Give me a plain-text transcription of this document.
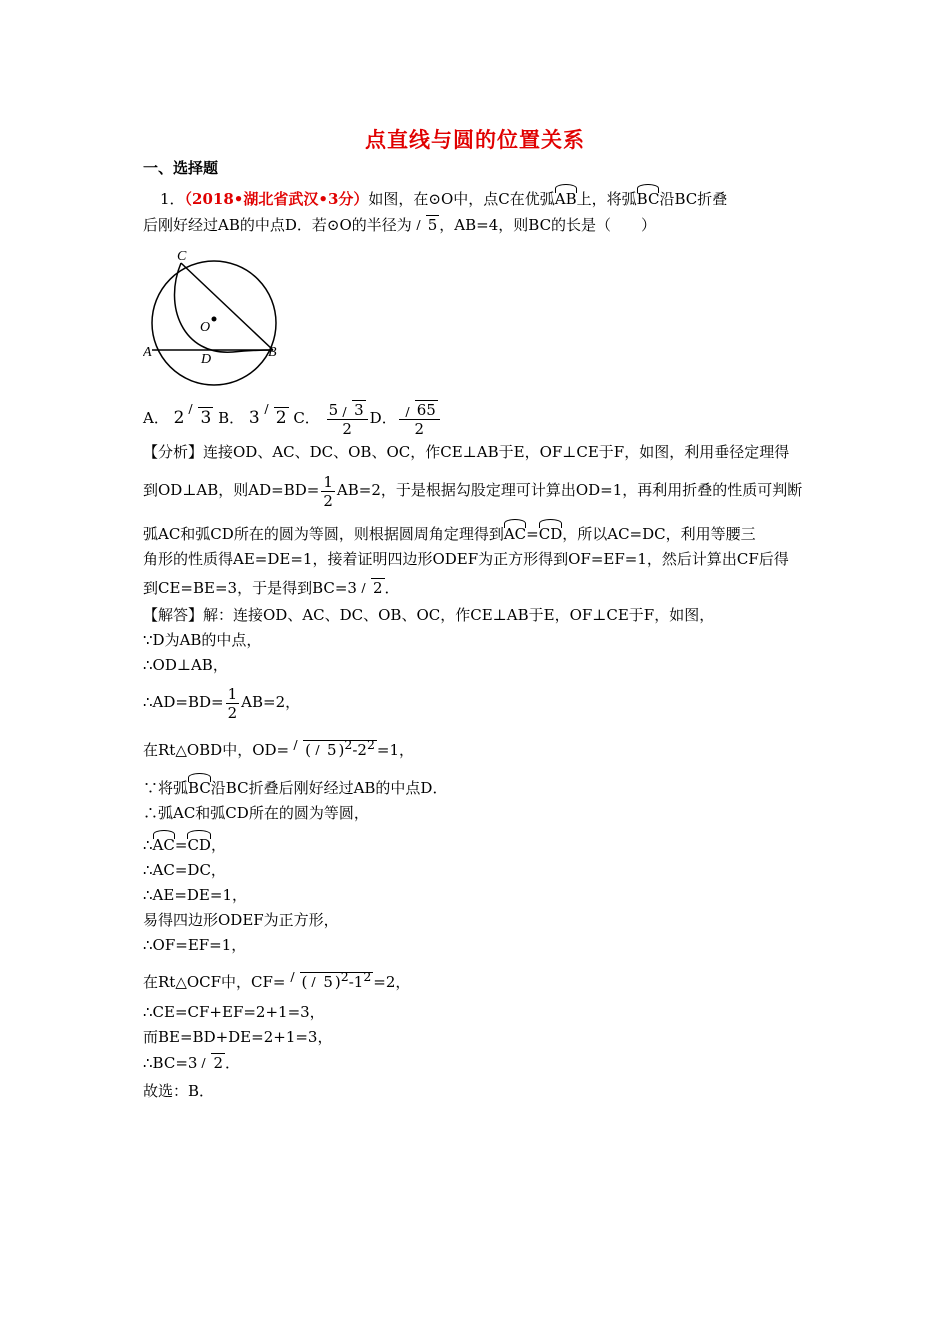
点直线与圆的位置关系
一、选择题
1．（2018•湖北省武汉•3分）如图，在⊙O中，点C在优弧AB上，将弧BC沿BC折叠
后刚好经过AB的中点D．若⊙O的半径为 5 ，AB=4，则BC的长是（　　）
C
O
A	D	B
A． 2 3 B． 3 2 C． $\frac{5 3}{2}$ D． $\frac{65}{2}$
【分析】连接OD、AC、DC、OB、OC，作CE⊥AB于E，OF⊥CE于F，如图，利用垂径定理得
到OD⊥AB，则$AD=BD= \frac{1}{2} AB=2$，于是根据勾股定理可计算出OD=1，再利用折叠的性质可判断
弧AC和弧CD所在的圆为等圆，则根据圆周角定理得到AC=CD，所以AC=DC，利用等腰三
角形的性质得AE=DE=1，接着证明四边形ODEF为正方形得到OF=EF=1，然后计算出CF后得
到CE=BE=3，于是得到BC=3 2 ．
【解答】解：连接OD、AC、DC、OB、OC，作CE⊥AB于E，OF⊥CE于F，如图，
∵D为AB的中点，
∴OD⊥AB，
∴AD=BD= $\frac{1}{2} AB=2$，
在Rt△OBD中，OD= ( 5 )$^2-2^2 =1$，
∵将弧BC沿BC折叠后刚好经过AB的中点D．
∴弧AC和弧CD所在的圆为等圆，
∴AC=CD，
∴AC=DC，
∴AE=DE=1，
易得四边形ODEF为正方形，
∴OF=EF=1，
在Rt△OCF中，CF= ( 5 )$^2-1^2 =2$，
∴CE=CF+EF=2+1=3，
而BE=BD+DE=2+1=3，
∴BC=3 2 ．
故选：B．
